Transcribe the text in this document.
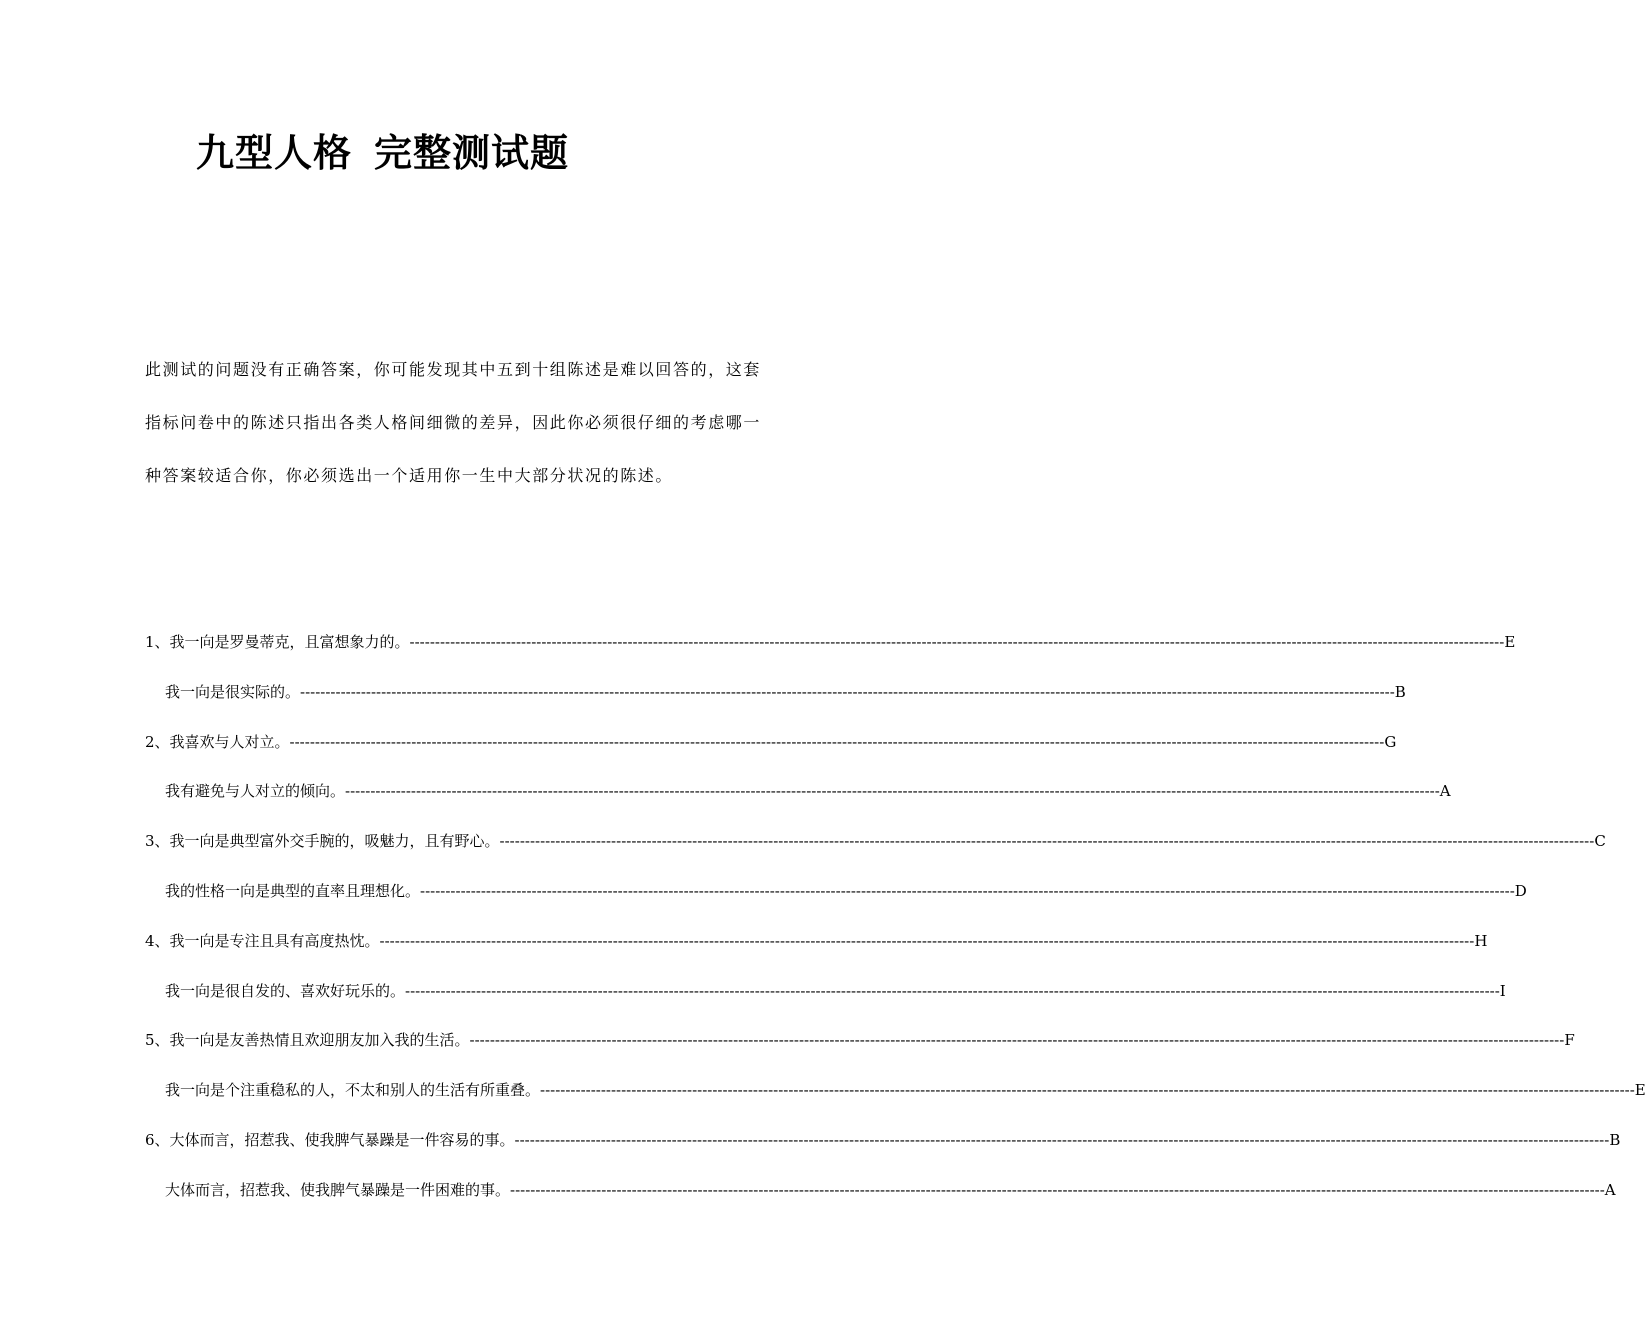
九型人格 完整测试题

此测试的问题没有正确答案，你可能发现其中五到十组陈述是难以回答的，这套

指标问卷中的陈述只指出各类人格间细微的差异，因此你必须很仔细的考虑哪一

种答案较适合你，你必须选出一个适用你一生中大部分状况的陈述。

1、我一向是罗曼蒂克，且富想象力的。 ------------------------------------------------------------------------------------------------------------------------------------------------------------------------------------------------------------------------ E
我一向是很实际的。 ------------------------------------------------------------------------------------------------------------------------------------------------------------------------------------------------------------------------ B
2、我喜欢与人对立。 ------------------------------------------------------------------------------------------------------------------------------------------------------------------------------------------------------------------------ G
我有避免与人对立的倾向。 ------------------------------------------------------------------------------------------------------------------------------------------------------------------------------------------------------------------------ A
3、我一向是典型富外交手腕的，吸魅力，且有野心。 ------------------------------------------------------------------------------------------------------------------------------------------------------------------------------------------------------------------------ C
我的性格一向是典型的直率且理想化。 ------------------------------------------------------------------------------------------------------------------------------------------------------------------------------------------------------------------------ D
4、我一向是专注且具有高度热忱。 ------------------------------------------------------------------------------------------------------------------------------------------------------------------------------------------------------------------------ H
我一向是很自发的、喜欢好玩乐的。 ------------------------------------------------------------------------------------------------------------------------------------------------------------------------------------------------------------------------ I
5、我一向是友善热情且欢迎朋友加入我的生活。 ------------------------------------------------------------------------------------------------------------------------------------------------------------------------------------------------------------------------ F
我一向是个注重稳私的人，不太和别人的生活有所重叠。 ------------------------------------------------------------------------------------------------------------------------------------------------------------------------------------------------------------------------ E
6、大体而言，招惹我、使我脾气暴躁是一件容易的事。 ------------------------------------------------------------------------------------------------------------------------------------------------------------------------------------------------------------------------ B
大体而言，招惹我、使我脾气暴躁是一件困难的事。 ------------------------------------------------------------------------------------------------------------------------------------------------------------------------------------------------------------------------ A
